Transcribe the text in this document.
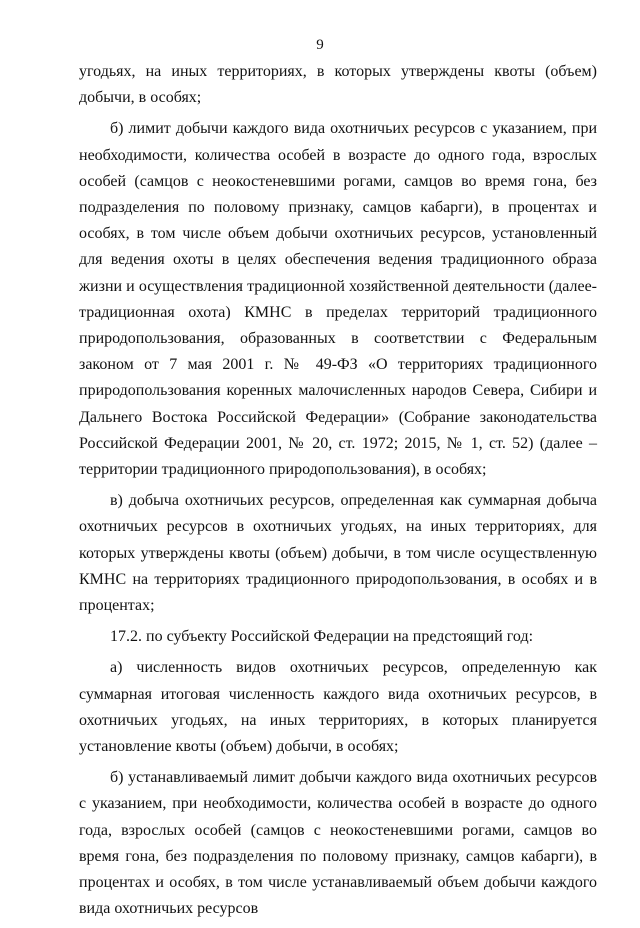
9

угодьях, на иных территориях, в которых утверждены квоты (объем) добычи, в особях;

б) лимит добычи каждого вида охотничьих ресурсов с указанием, при необходимости, количества особей в возрасте до одного года, взрослых особей (самцов с неокостеневшими рогами, самцов во время гона, без подразделения по половому признаку, самцов кабарги), в процентах и особях, в том числе объем добычи охотничьих ресурсов, установленный для ведения охоты в целях обеспечения ведения традиционного образа жизни и осуществления традиционной хозяйственной деятельности (далее-традиционная охота) КМНС в пределах территорий традиционного природопользования, образованных в соответствии с Федеральным законом от 7 мая 2001 г. № 49-ФЗ «О территориях традиционного природопользования коренных малочисленных народов Севера, Сибири и Дальнего Востока Российской Федерации» (Собрание законодательства Российской Федерации 2001, № 20, ст. 1972; 2015, № 1, ст. 52) (далее – территории традиционного природопользования), в особях;

в) добыча охотничьих ресурсов, определенная как суммарная добыча охотничьих ресурсов в охотничьих угодьях, на иных территориях, для которых утверждены квоты (объем) добычи, в том числе осуществленную КМНС на территориях традиционного природопользования, в особях и в процентах;

17.2. по субъекту Российской Федерации на предстоящий год:

а) численность видов охотничьих ресурсов, определенную как суммарная итоговая численность каждого вида охотничьих ресурсов, в охотничьих угодьях, на иных территориях, в которых планируется установление квоты (объем) добычи, в особях;

б) устанавливаемый лимит добычи каждого вида охотничьих ресурсов с указанием, при необходимости, количества особей в возрасте до одного года, взрослых особей (самцов с неокостеневшими рогами, самцов во время гона, без подразделения по половому признаку, самцов кабарги), в процентах и особях, в том числе устанавливаемый объем добычи каждого вида охотничьих ресурсов
